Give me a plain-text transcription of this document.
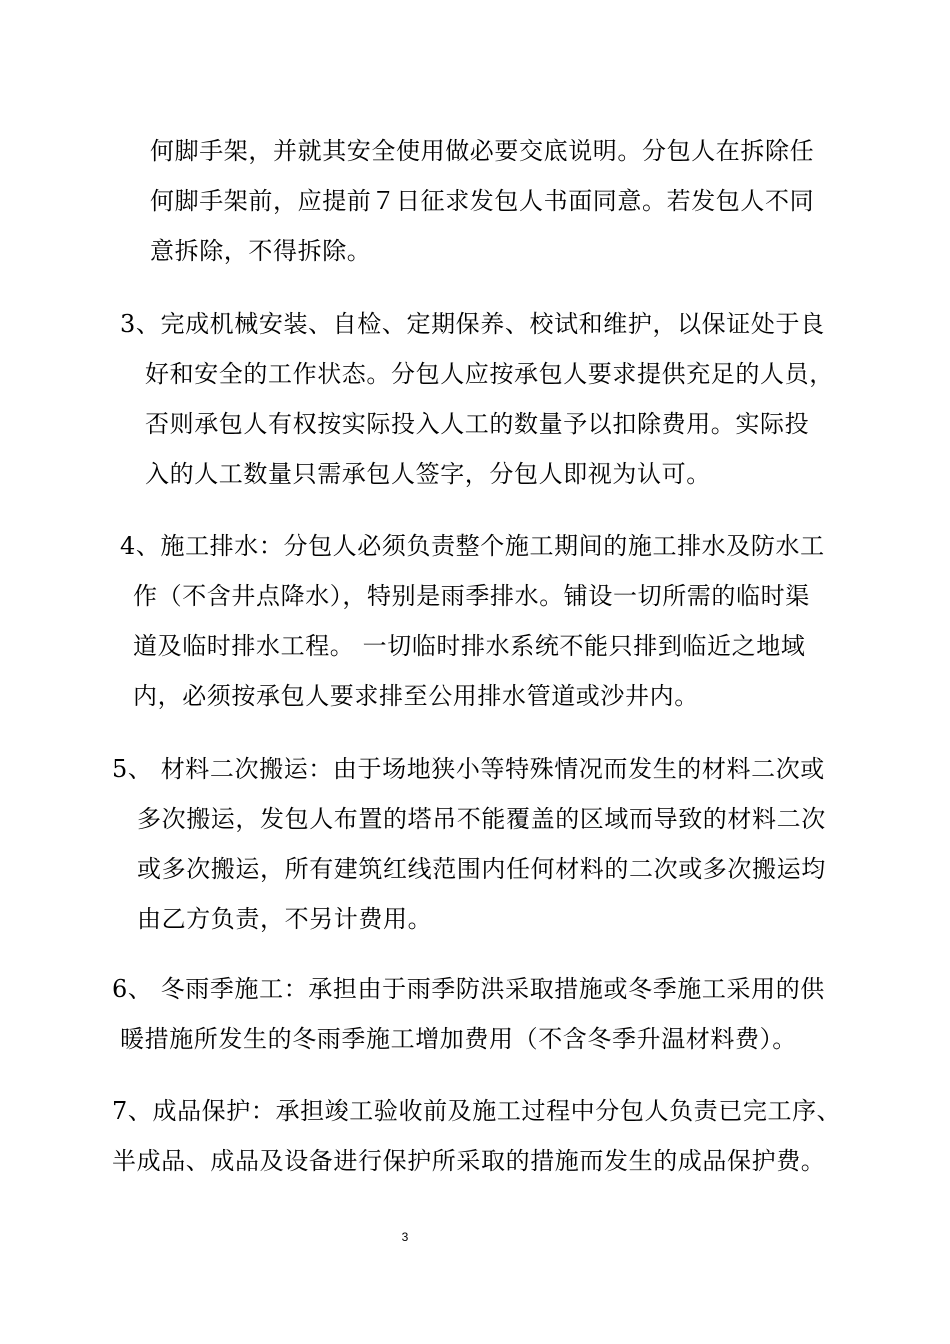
何脚手架，并就其安全使用做必要交底说明。分包人在拆除任
何脚手架前，应提前７日征求发包人书面同意。若发包人不同
意拆除，不得拆除。
3、完成机械安装、自检、定期保养、校试和维护，以保证处于良
好和安全的工作状态。分包人应按承包人要求提供充足的人员，
否则承包人有权按实际投入人工的数量予以扣除费用。实际投
入的人工数量只需承包人签字，分包人即视为认可。
4、施工排水：分包人必须负责整个施工期间的施工排水及防水工
作（不含井点降水），特别是雨季排水。铺设一切所需的临时渠
道及临时排水工程。 一切临时排水系统不能只排到临近之地域
内，必须按承包人要求排至公用排水管道或沙井内。
5、 材料二次搬运：由于场地狭小等特殊情况而发生的材料二次或
多次搬运，发包人布置的塔吊不能覆盖的区域而导致的材料二次
或多次搬运，所有建筑红线范围内任何材料的二次或多次搬运均
由乙方负责，不另计费用。
6、 冬雨季施工：承担由于雨季防洪采取措施或冬季施工采用的供
暖措施所发生的冬雨季施工增加费用（不含冬季升温材料费）。
7、成品保护：承担竣工验收前及施工过程中分包人负责已完工序、
半成品、成品及设备进行保护所采取的措施而发生的成品保护费。
3
